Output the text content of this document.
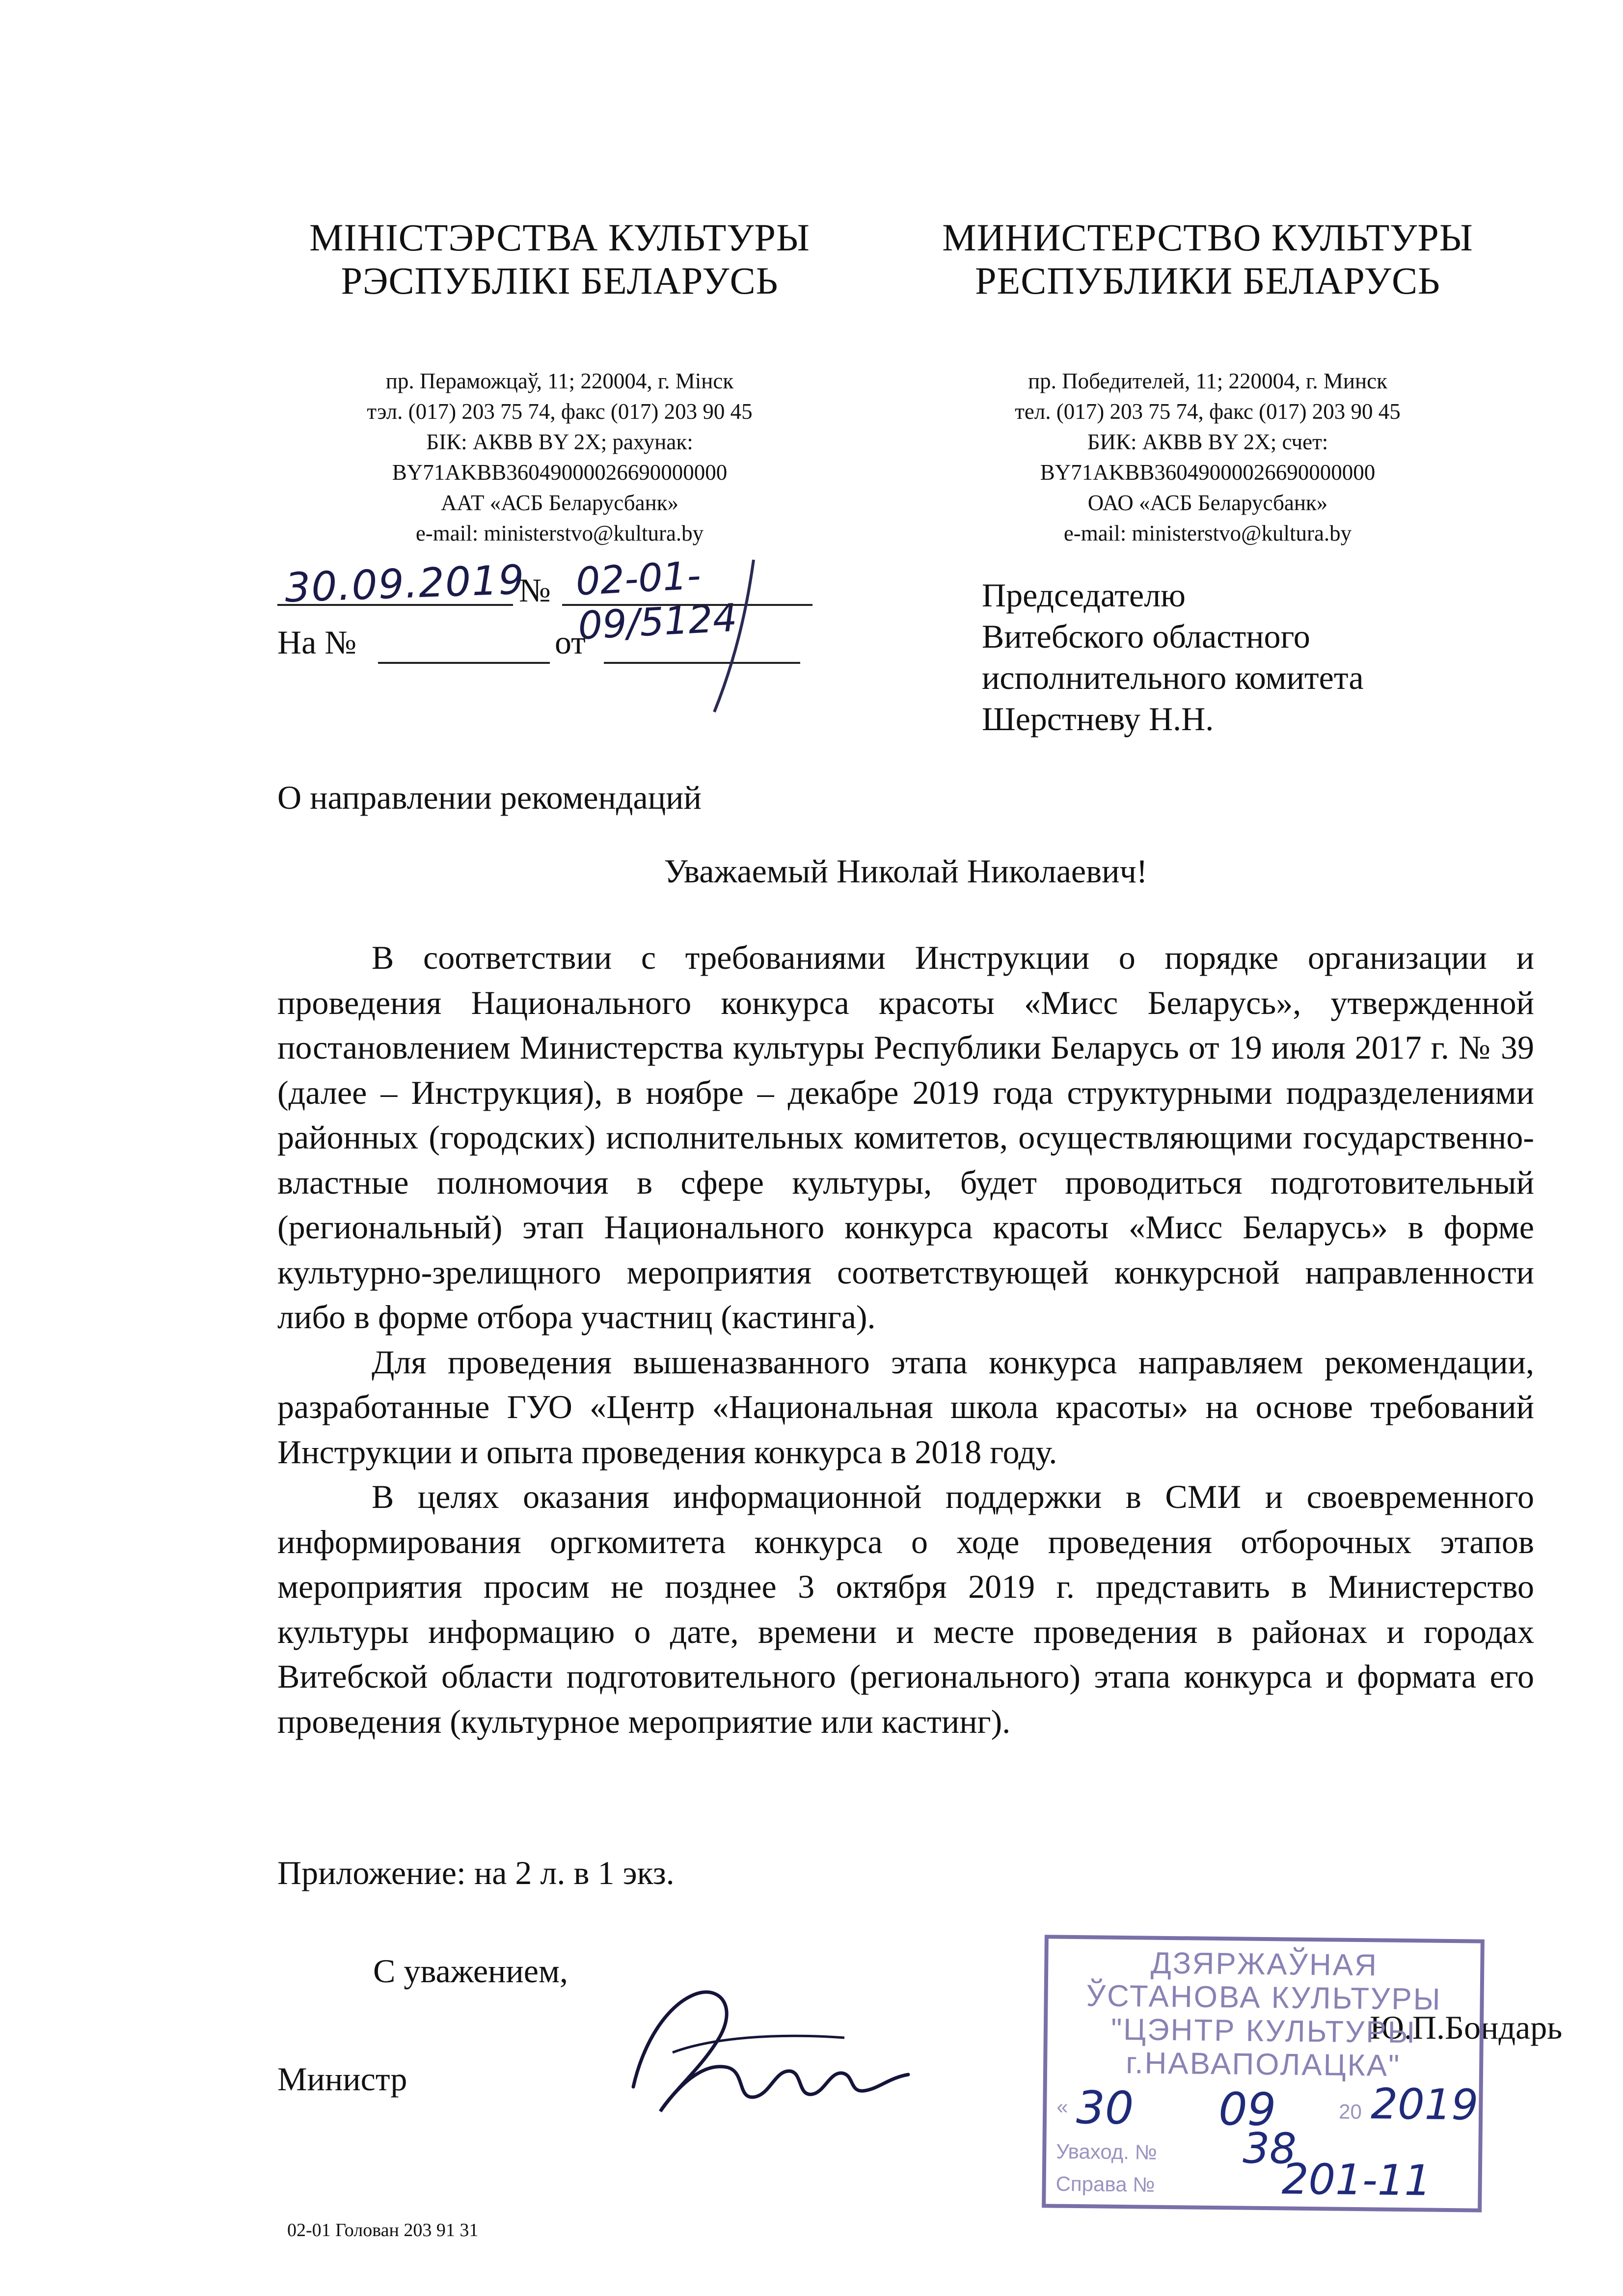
МІНІСТЭРСТВА КУЛЬТУРЫ
РЭСПУБЛІКІ БЕЛАРУСЬ
пр. Пераможцаў, 11; 220004, г. Мінск
тэл. (017) 203 75 74, факс (017) 203 90 45
БІК: АКВВ BY 2X; рахунак:
BY71AKBB36049000026690000000
ААТ «АСБ Беларусбанк»
e-mail: ministerstvo@kultura.by
МИНИСТЕРСТВО КУЛЬТУРЫ
РЕСПУБЛИКИ БЕЛАРУСЬ
пр. Победителей, 11; 220004, г. Минск
тел. (017) 203 75 74, факс (017) 203 90 45
БИК: АКВВ BY 2X; счет:
BY71AKBB36049000026690000000
ОАО «АСБ Беларусбанк»
e-mail: ministerstvo@kultura.by
30.09.2019
№ 02-01-09/5124
На №	от
Председателю
Витебского областного
исполнительного комитета
Шерстневу Н.Н.
О направлении рекомендаций
Уважаемый Николай Николаевич!

В соответствии с требованиями Инструкции о порядке организации и проведения Национального конкурса красоты «Мисс Беларусь», утвержденной постановлением Министерства культуры Республики Беларусь от 19 июля 2017 г. № 39 (далее – Инструкция), в ноябре – декабре 2019 года структурными подразделениями районных (городских) исполнительных комитетов, осуществляющими государственно-властные полномочия в сфере культуры, будет проводиться подготовительный (региональный) этап Национального конкурса красоты «Мисс Беларусь» в форме культурно-зрелищного мероприятия соответствующей конкурсной направленности либо в форме отбора участниц (кастинга).

Для проведения вышеназванного этапа конкурса направляем рекомендации, разработанные ГУО «Центр «Национальная школа красоты» на основе требований Инструкции и опыта проведения конкурса в 2018 году.

В целях оказания информационной поддержки в СМИ и своевременного информирования оргкомитета конкурса о ходе проведения отборочных этапов мероприятия просим не позднее 3 октября 2019 г. представить в Министерство культуры информацию о дате, времени и месте проведения в районах и городах Витебской области подготовительного (регионального) этапа конкурса и формата его проведения (культурное мероприятие или кастинг).

Приложение: на 2 л. в 1 экз.
С уважением,
Министр
Ю.П.Бондарь
ДЗЯРЖАЎНАЯ
ЎСТАНОВА КУЛЬТУРЫ
"ЦЭНТР КУЛЬТУРЫ
г.НАВАПОЛАЦКА"
« 30 09	20 2019
Уваход. № 38
Справа №	201-11
02-01 Голован 203 91 31
